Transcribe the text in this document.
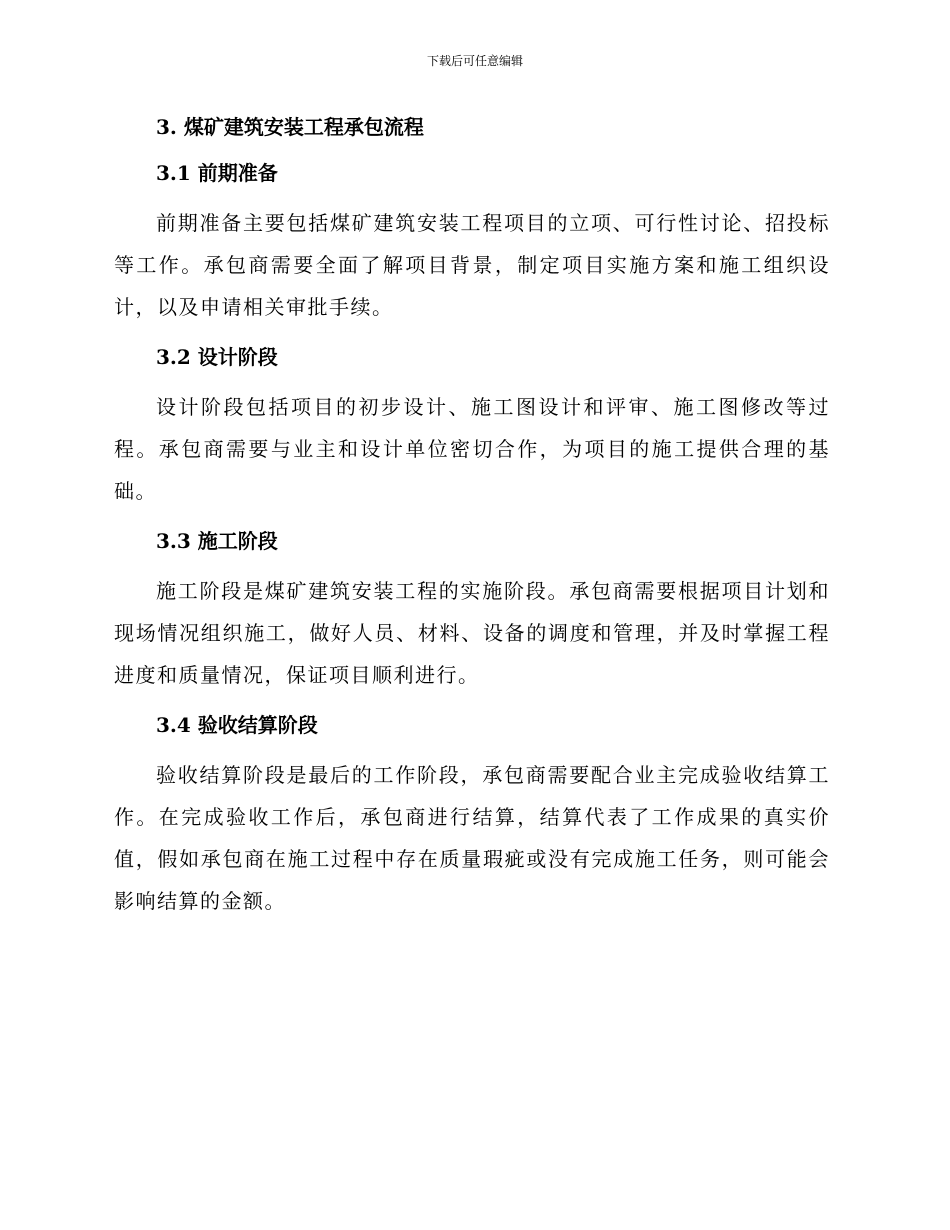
下载后可任意编辑
3. 煤矿建筑安装工程承包流程
3.1 前期准备

前期准备主要包括煤矿建筑安装工程项目的立项、可行性讨论、招投标等工作。承包商需要全面了解项目背景，制定项目实施方案和施工组织设计，以及申请相关审批手续。

3.2 设计阶段

设计阶段包括项目的初步设计、施工图设计和评审、施工图修改等过程。承包商需要与业主和设计单位密切合作，为项目的施工提供合理的基础。

3.3 施工阶段

施工阶段是煤矿建筑安装工程的实施阶段。承包商需要根据项目计划和现场情况组织施工，做好人员、材料、设备的调度和管理，并及时掌握工程进度和质量情况，保证项目顺利进行。

3.4 验收结算阶段

验收结算阶段是最后的工作阶段，承包商需要配合业主完成验收结算工作。在完成验收工作后，承包商进行结算，结算代表了工作成果的真实价值，假如承包商在施工过程中存在质量瑕疵或没有完成施工任务，则可能会影响结算的金额。
